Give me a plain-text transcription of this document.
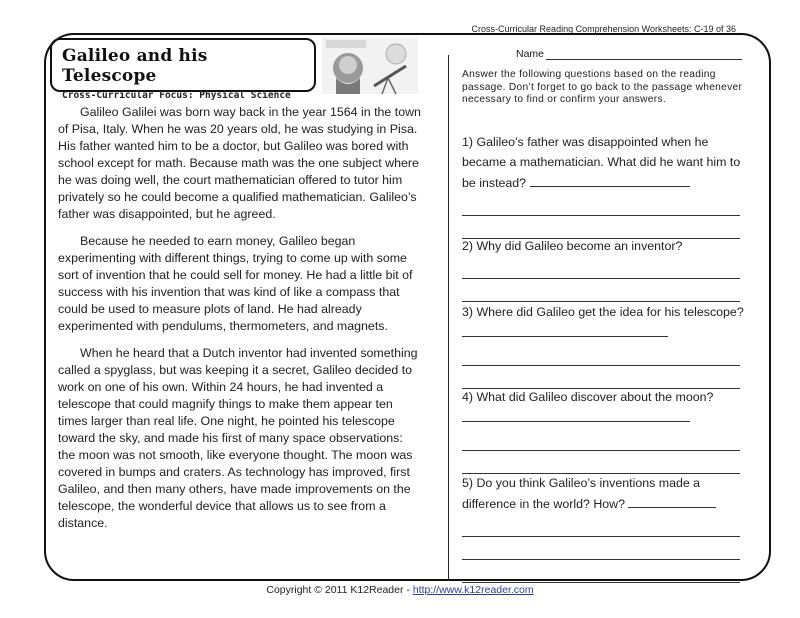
Cross-Curricular Reading Comprehension Worksheets: C-19 of 36
Galileo and his Telescope
Cross-Curricular Focus: Physical Science

Galileo Galilei was born way back in the year 1564 in the town of Pisa, Italy. When he was 20 years old, he was studying in Pisa. His father wanted him to be a doctor, but Galileo was bored with school except for math. Because math was the one subject where he was doing well, the court mathematician offered to tutor him privately so he could become a qualified mathematician. Galileo’s father was disappointed, but he agreed.

Because he needed to earn money, Galileo began experimenting with different things, trying to come up with some sort of invention that he could sell for money. He had a little bit of success with his invention that was kind of like a compass that could be used to measure plots of land. He had already experimented with pendulums, thermometers, and magnets.

When he heard that a Dutch inventor had invented something called a spyglass, but was keeping it a secret, Galileo decided to work on one of his own. Within 24 hours, he had invented a telescope that could magnify things to make them appear ten times larger than real life. One night, he pointed his telescope toward the sky, and made his first of many space observations: the moon was not smooth, like everyone thought. The moon was covered in bumps and craters. As technology has improved, first Galileo, and then many others, have made improvements on the telescope, the wonderful device that allows us to see from a distance.

Name
Answer the following questions based on the reading passage. Don’t forget to go back to the passage whenever necessary to find or confirm your answers.
1) Galileo’s father was disappointed when he became a mathematician. What did he want him to be instead?
2) Why did Galileo become an inventor?
3) Where did Galileo get the idea for his telescope?
4) What did Galileo discover about the moon?
5) Do you think Galileo’s inventions made a difference in the world? How?
Copyright © 2011 K12Reader - http://www.k12reader.com
